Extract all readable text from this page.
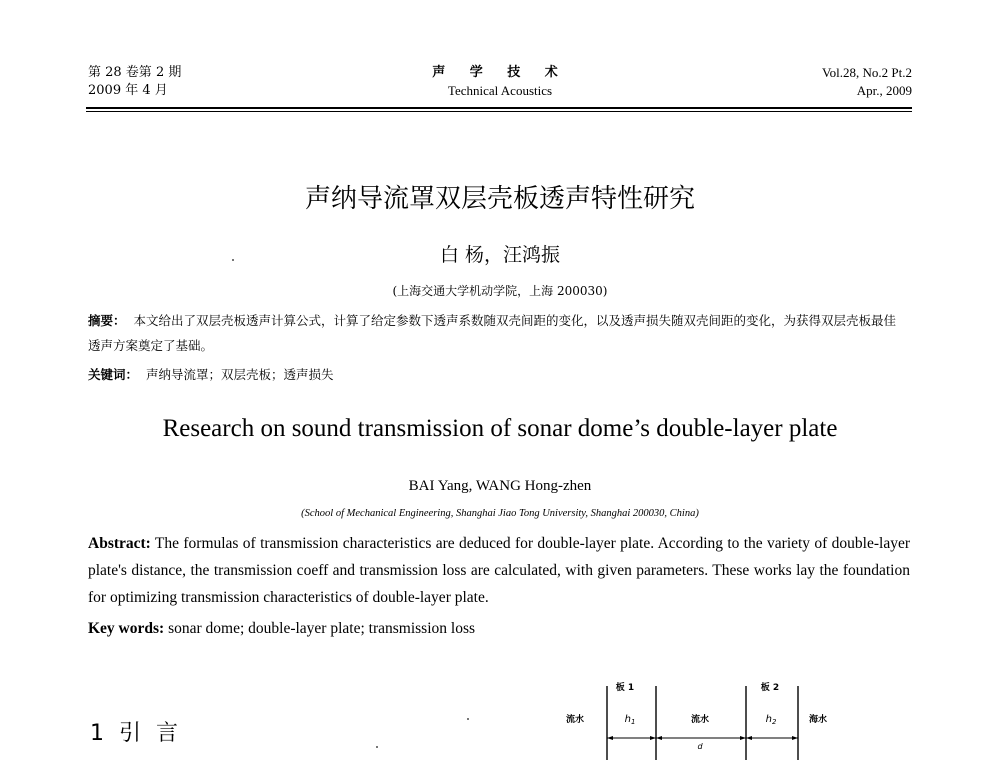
第 28 卷第 2 期
2009 年 4 月
声 学 技 术
Technical Acoustics
Vol.28, No.2 Pt.2
Apr., 2009
声纳导流罩双层壳板透声特性研究
白 杨，汪鸿振
(上海交通大学机动学院，上海 200030)
摘要： 本文给出了双层壳板透声计算公式，计算了给定参数下透声系数随双壳间距的变化，以及透声损失随双壳间距的变化，为获得双层壳板最佳透声方案奠定了基础。
关键词： 声纳导流罩；双层壳板；透声损失
Research on sound transmission of sonar dome’s double-layer plate
BAI Yang, WANG Hong-zhen
(School of Mechanical Engineering, Shanghai Jiao Tong University, Shanghai 200030, China)
Abstract: The formulas of transmission characteristics are deduced for double-layer plate. According to the variety of double-layer plate's distance, the transmission coeff and transmission loss are calculated, with given parameters. These works lay the foundation for optimizing transmission characteristics of double-layer plate.
Key words: sonar dome; double-layer plate; transmission loss
1 引 言
板 1	板 2
流水	流水	海水
$h_1$	$h_2$
d
